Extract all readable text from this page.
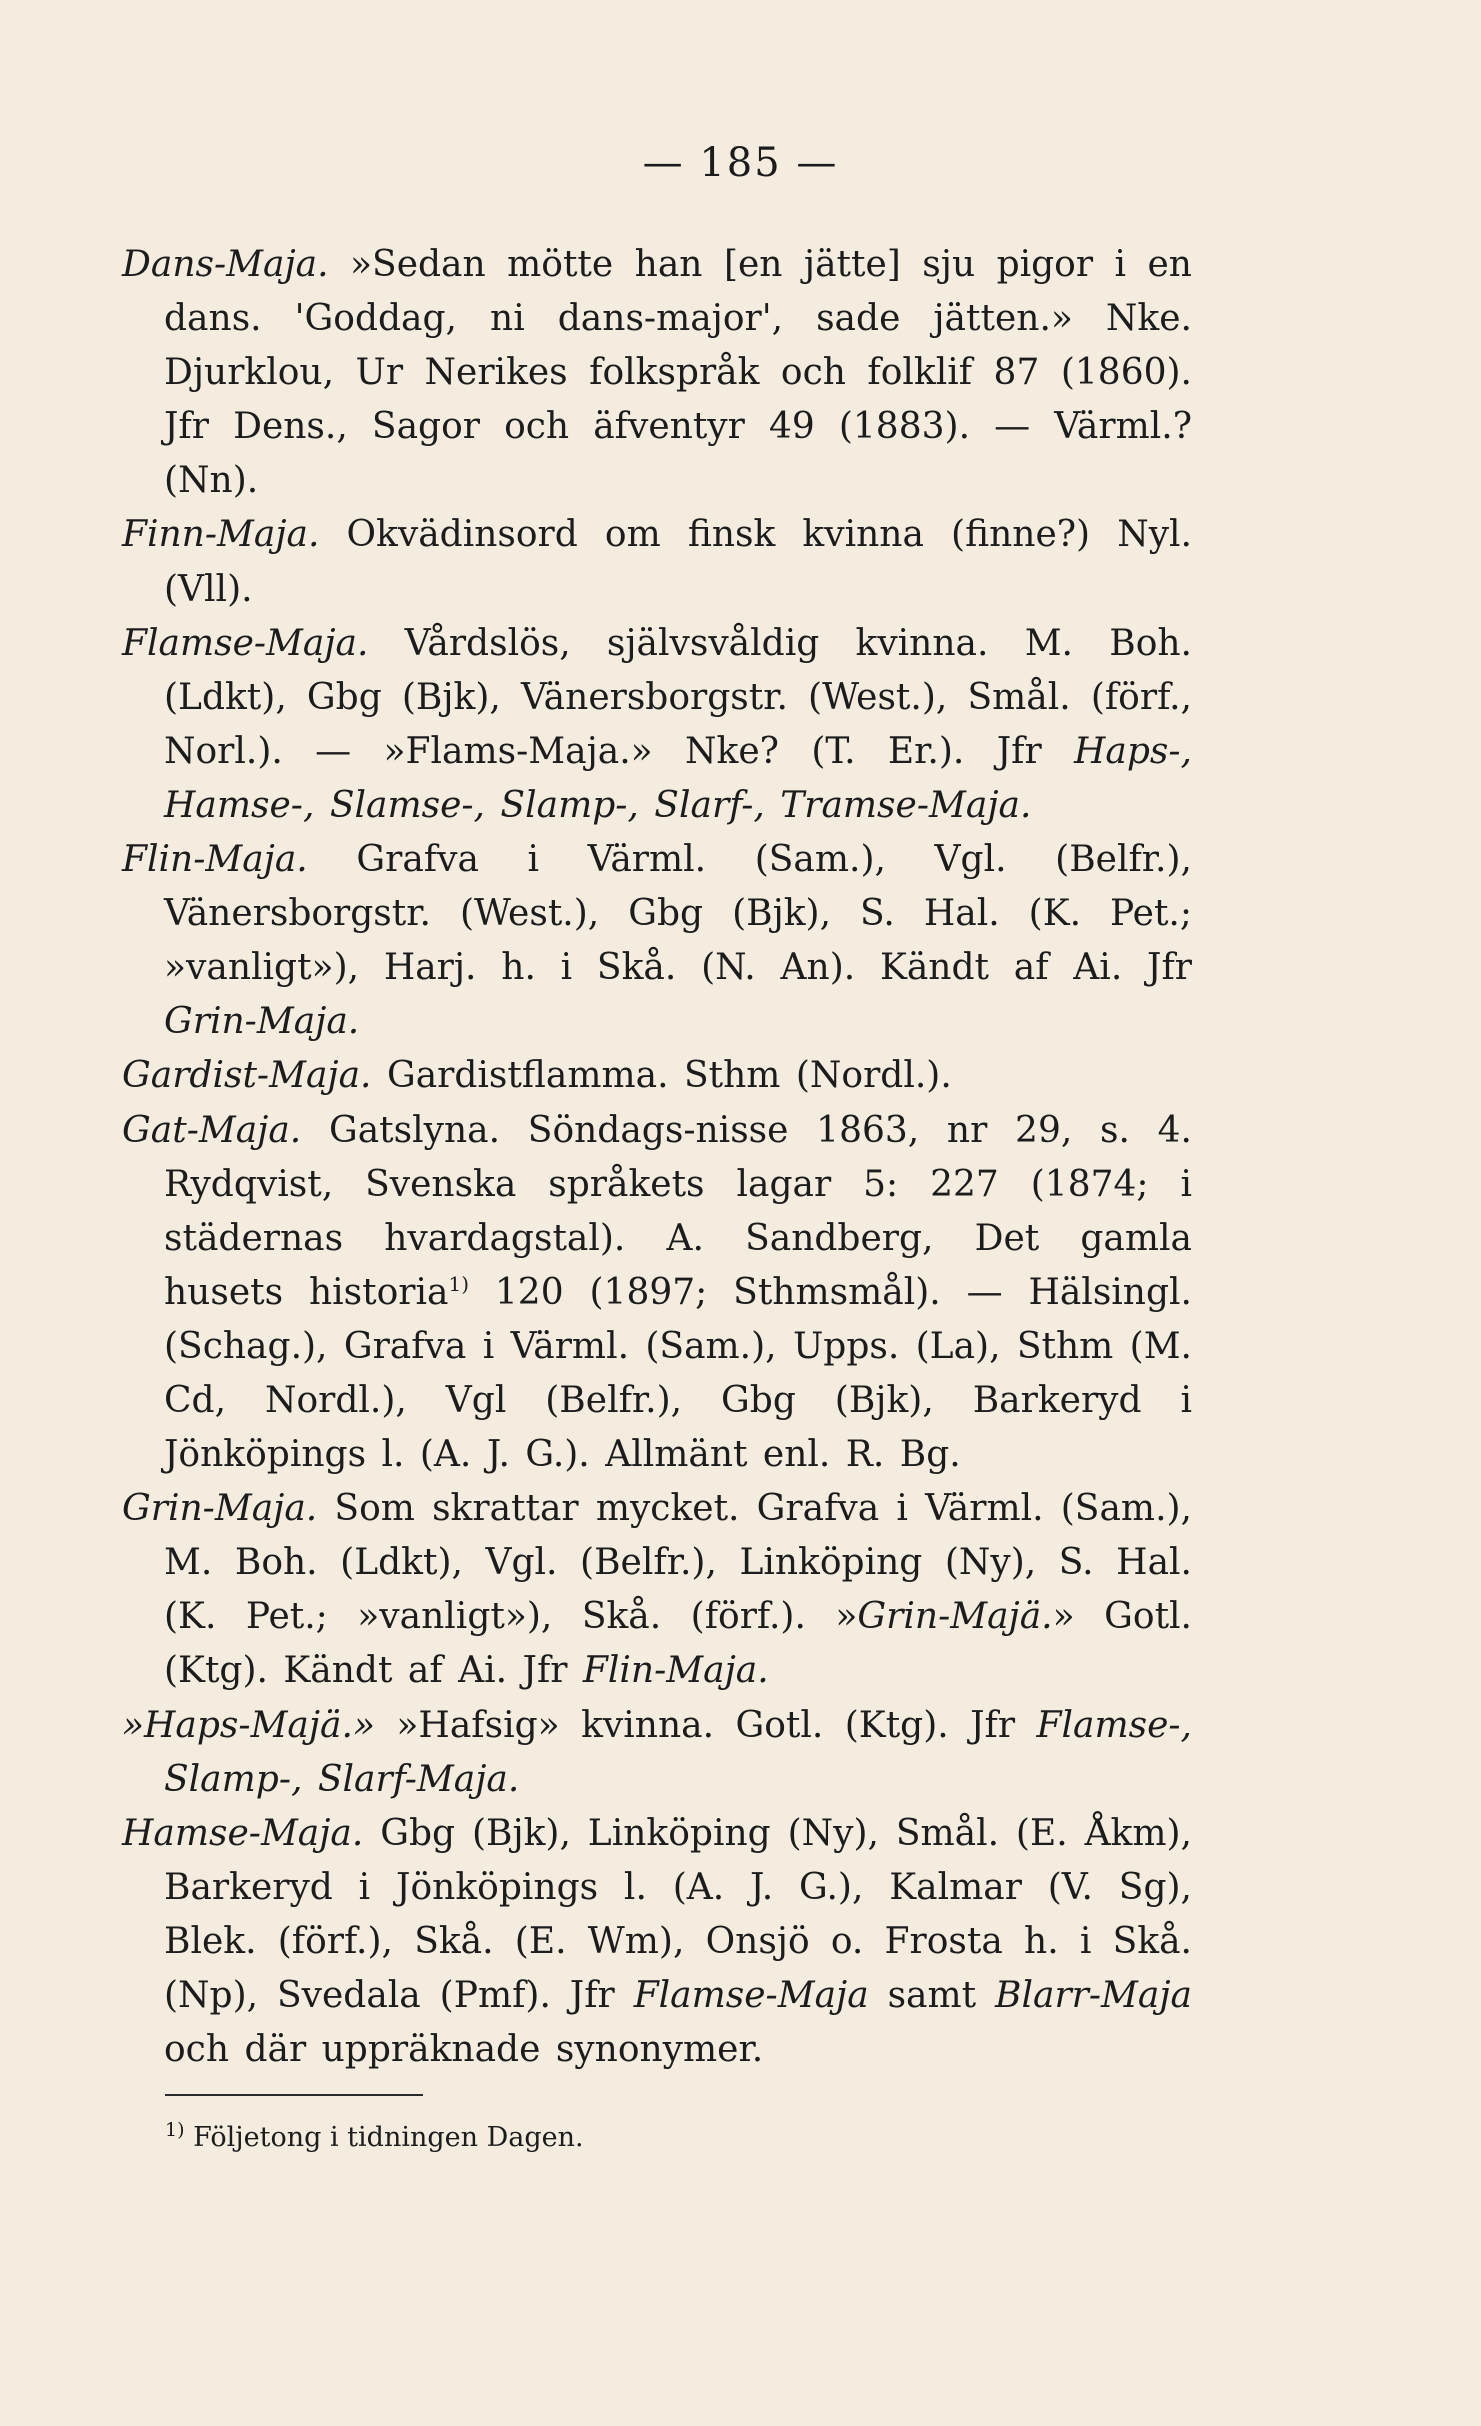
— 185 —

Dans-Maja. »Sedan mötte han [en jätte] sju pigor i en dans. 'Goddag, ni dans-major', sade jätten.» Nke. Djurklou, Ur Nerikes folkspråk och folklif 87 (1860). Jfr Dens., Sagor och äfventyr 49 (1883). — Värml.? (Nn).

Finn-Maja. Okvädinsord om finsk kvinna (finne?) Nyl. (Vll).

Flamse-Maja. Vårdslös, självsvåldig kvinna. M. Boh. (Ldkt), Gbg (Bjk), Vänersborgstr. (West.), Smål. (förf., Norl.). — »Flams-Maja.» Nke? (T. Er.). Jfr Haps-, Hamse-, Slamse-, Slamp-, Slarf-, Tramse-Maja.

Flin-Maja. Grafva i Värml. (Sam.), Vgl. (Belfr.), Vänersborgstr. (West.), Gbg (Bjk), S. Hal. (K. Pet.; »vanligt»), Harj. h. i Skå. (N. An). Kändt af Ai. Jfr Grin-Maja.

Gardist-Maja. Gardistflamma. Sthm (Nordl.).

Gat-Maja. Gatslyna. Söndags-nisse 1863, nr 29, s. 4. Rydqvist, Svenska språkets lagar 5: 227 (1874; i städernas hvardagstal). A. Sandberg, Det gamla husets historia$^{1)}$ 120 (1897; Sthmsmål). — Hälsingl. (Schag.), Grafva i Värml. (Sam.), Upps. (La), Sthm (M. Cd, Nordl.), Vgl (Belfr.), Gbg (Bjk), Barkeryd i Jönköpings l. (A. J. G.). Allmänt enl. R. Bg.

Grin-Maja. Som skrattar mycket. Grafva i Värml. (Sam.), M. Boh. (Ldkt), Vgl. (Belfr.), Linköping (Ny), S. Hal. (K. Pet.; »vanligt»), Skå. (förf.). »Grin-Majä.» Gotl. (Ktg). Kändt af Ai. Jfr Flin-Maja.

»Haps-Majä.» »Hafsig» kvinna. Gotl. (Ktg). Jfr Flamse-, Slamp-, Slarf-Maja.

Hamse-Maja. Gbg (Bjk), Linköping (Ny), Smål. (E. Åkm), Barkeryd i Jönköpings l. (A. J. G.), Kalmar (V. Sg), Blek. (förf.), Skå. (E. Wm), Onsjö o. Frosta h. i Skå. (Np), Svedala (Pmf). Jfr Flamse-Maja samt Blarr-Maja och där uppräknade synonymer.

$^{1)}$ Följetong i tidningen Dagen.
